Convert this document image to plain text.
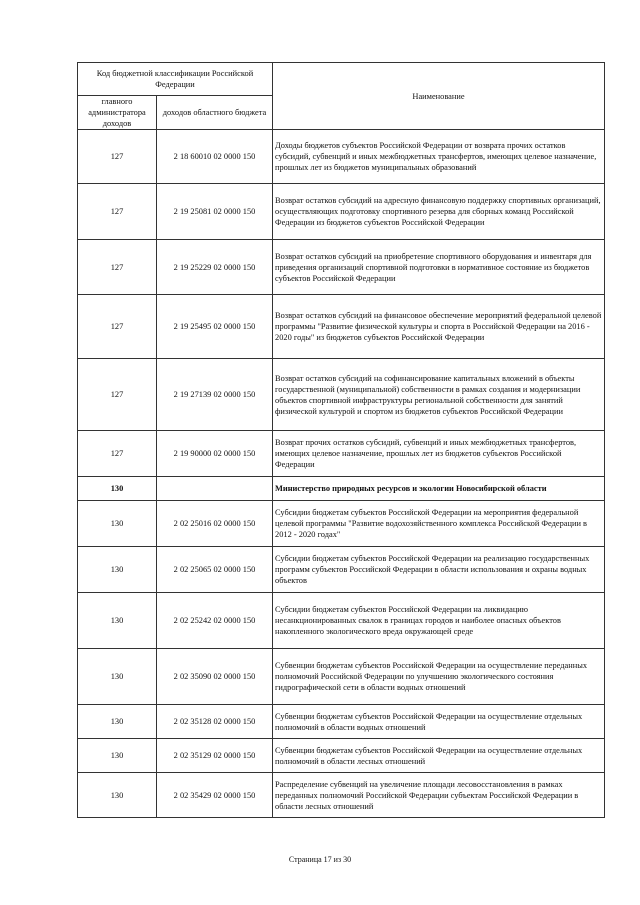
Код бюджетной классификации Российской Федерации		Наименование
главного администратора доходов	доходов областного бюджета	
127	2 18 60010 02 0000 150	Доходы бюджетов субъектов Российской Федерации от возврата прочих остатков субсидий, субвенций и иных межбюджетных трансфертов, имеющих целевое назначение, прошлых лет из бюджетов муниципальных образований
127	2 19 25081 02 0000 150	Возврат остатков субсидий на адресную финансовую поддержку спортивных организаций, осуществляющих подготовку спортивного резерва для сборных команд Российской Федерации из бюджетов субъектов Российской Федерации
127	2 19 25229 02 0000 150	Возврат остатков субсидий на приобретение спортивного оборудования и инвентаря для приведения организаций спортивной подготовки в нормативное состояние из бюджетов субъектов Российской Федерации
127	2 19 25495 02 0000 150	Возврат остатков субсидий на финансовое обеспечение мероприятий федеральной целевой программы "Развитие физической культуры и спорта в Российской Федерации на 2016 - 2020 годы" из бюджетов субъектов Российской Федерации
127	2 19 27139 02 0000 150	Возврат остатков субсидий на софинансирование капитальных вложений в объекты государственной (муниципальной) собственности в рамках создания и модернизации объектов спортивной инфраструктуры региональной собственности для занятий физической культурой и спортом из бюджетов субъектов Российской Федерации
127	2 19 90000 02 0000 150	Возврат прочих остатков субсидий, субвенций и иных межбюджетных трансфертов, имеющих целевое назначение, прошлых лет из бюджетов субъектов Российской Федерации
130		Министерство природных ресурсов и экологии Новосибирской области
130	2 02 25016 02 0000 150	Субсидии бюджетам субъектов Российской Федерации на мероприятия федеральной целевой программы "Развитие водохозяйственного комплекса Российской Федерации в 2012 - 2020 годах"
130	2 02 25065 02 0000 150	Субсидии бюджетам субъектов Российской Федерации на реализацию государственных программ субъектов Российской Федерации в области использования и охраны водных объектов
130	2 02 25242 02 0000 150	Субсидии бюджетам субъектов Российской Федерации на ликвидацию несанкционированных свалок в границах городов и наиболее опасных объектов накопленного экологического вреда окружающей среде
130	2 02 35090 02 0000 150	Субвенции бюджетам субъектов Российской Федерации на осуществление переданных полномочий Российской Федерации по улучшению экологического состояния гидрографической сети в области водных отношений
130	2 02 35128 02 0000 150	Субвенции бюджетам субъектов Российской Федерации на осуществление отдельных полномочий в области водных отношений
130	2 02 35129 02 0000 150	Субвенции бюджетам субъектов Российской Федерации на осуществление отдельных полномочий в области лесных отношений
130	2 02 35429 02 0000 150	Распределение субвенций на увеличение площади лесовосстановления в рамках переданных полномочий Российской Федерации субъектам Российской Федерации в области лесных отношений
Страница 17 из 30
